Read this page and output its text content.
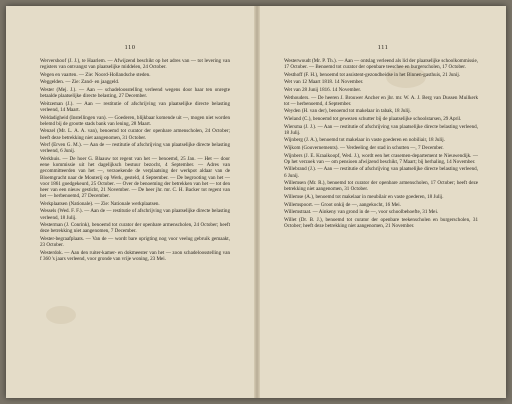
110

Wervershoof (J. J.), te Haarlem. — Afwijzend beschikt op het adres van — tot levering van registers van ontvangst van plaatselijke middelen, 24 October.

Wegen en vaarten. — Zie: Noord-Hollandsche steden.

Weggelden. — Zie: Zand- en jaaggeld.

Wester (Mej. J.). — Aan — schadeloosstelling verleend wegens door haar ten onregte betaalde plaatselijke directe belasting, 27 December.

Weitzeman (J.). — Aan — restitutie of afschrijving van plaatselijke directe belasting verleend, 14 Maart.

Weldadigheid (Instellingen van). — Goederen, blijkbaar komende uit —, mogen niet worden belemd bij de grootte stads bank van lening, 28 Maart.

Wenzel (Mr. L. A. A. van), benoemd tot curator der openbare armenscholen, 24 October; heeft deze betrekking niet aangenomen, 31 October.

Werf (Erven G. M.). — Aan de — restitutie of afschrijving van plaatselijke directe belasting verleend, 6 Junij.

Werkhuis. — De hoer G. Blaauw tot regent van het — benoemd, 25 Jan. — Het — door eene kommissie uit het dagelijksch bestuur bezocht, 4 September. — Adres van gecommitteerden van het —, verzoekende de verplaatsing der werkpot aldaar van de Bloemgracht naar de Mouterij op Werk, gesteld, 4 September. — De begrooting van het — voor 1861 goedgekeurd, 25 October. — Over de benoeming der betrekken van het — tot den heer van een nieuw gesticht, 21 November. — De heer jhr. mr. C. H. Backer tot regent van het — herbenoemd, 27 December.

Werkplaatsen (Nationale). — Zie: Nationale werkplaatsen.

Wessels (Wed. F. F.). — Aan de — restitutie of afschrijving van plaatselijke directe belasting verleend, 18 Julij.

Westerman (J. Conrink), benoemd tot curator der openbare armenscholen, 24 October; heeft deze betrekking niet aangenomen, 7 December.

Wester-begraafplaats. — Van de — wordt bare oprigting nog voor veelug gebruik gemaakt, 23 October.

Westerdok. — Aan den ruiter-kamer- en dokmeester van het — zoon schadeloosstelling van f 360 's jaars verleend, voor gronde van vrije woning, 23 Mei.

111

Westerwoudt (Mr. P. Th.). — Aan — ontslag verleend als lid der plaatselijke schoolkommissie, 17 October. — Benoemd tot curator der openbare teeschee en burgerscholen, 17 October.

Westhoff (F. H.), benoemd tot assistent-gezondheidse in het Binnen-gasthuis, 21 Junij.

Wet van 12 Maart 1818. 14 November.

Wet van 28 Junij 1816. 14 November.

Wethouders. — De heeren J. Brouwer Ancher en jhr. mr. W. A. J. Berg van Dussen Muilkerk tot — herbenoemd, 4 September.

Weyden (H. van der), benoemd tot makelaar in tabak, 18 Julij.

Wieland (C.), benoemd tot gewezen schutter bij de plaatselijke schoolstarsen, 29 April.

Wiersma (J. J.). — Aan — restitutie of afschrijving van plaatselijke directe belasting verleend, 18 Julij.

Wijnberg (J. A.), benoemd tot makelaar in vaste goederen en nobiliair, 18 Julij.

Wijkom (Gouvernements). — Verdeeling der stad in schutten —, 7 December.

Wijnbers (J. E. Kraaikoopf, Wed. J.), wordt een het crasemen-departement te Nieuwendijk. — Op het verzoek van — om pensioen afwijzend beschikt, 7 Maart; bij herhaling, 14 November.

Willebrand (J.). — Aan — restitutie of afschrijving van plaatselijke directe belasting verleend, 6 Junij.

Willemsen (Mr. R.), benoemd tot curator der openbare armenscholen, 17 October; heeft deze betrekking niet aangenomen, 31 October.

Willemse (A.), benoemd tot makelaar in meubilair en vaste goederen, 18 Julij.

Willemspoort. — Groot onkij de —, aangekocht, 16 Mei.

Willemstraat. — Ainkeny van grond in de —, voor schoolbehoefte, 31 Mei.

Willet (Dr. B. J.), benoemd tot curator der openbare teekenscholen en burgerscholen, 31 October; heeft deze betrekking niet aangenomen, 21 November.
